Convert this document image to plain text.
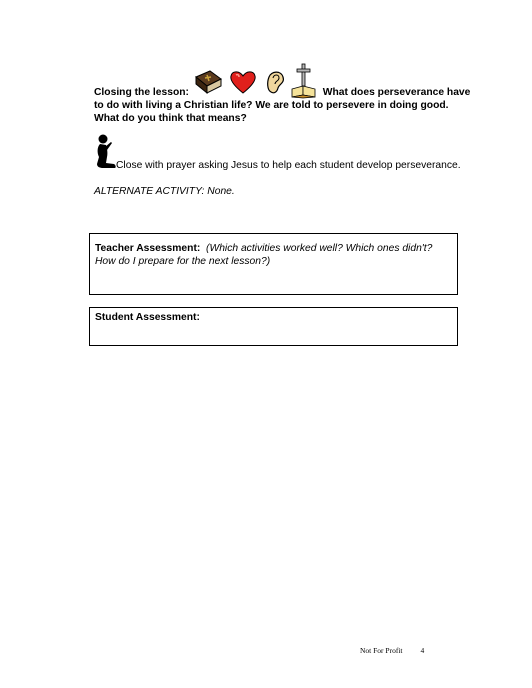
Closing the lesson:	What does perseverance have to do with living a Christian life? We are told to persevere in doing good. What do you think that means?
Close with prayer asking Jesus to help each student develop perseverance.
ALTERNATE ACTIVITY: None.
Teacher Assessment: (Which activities worked well? Which ones didn't? How do I prepare for the next lesson?)
Student Assessment:
Not For Profit 4
